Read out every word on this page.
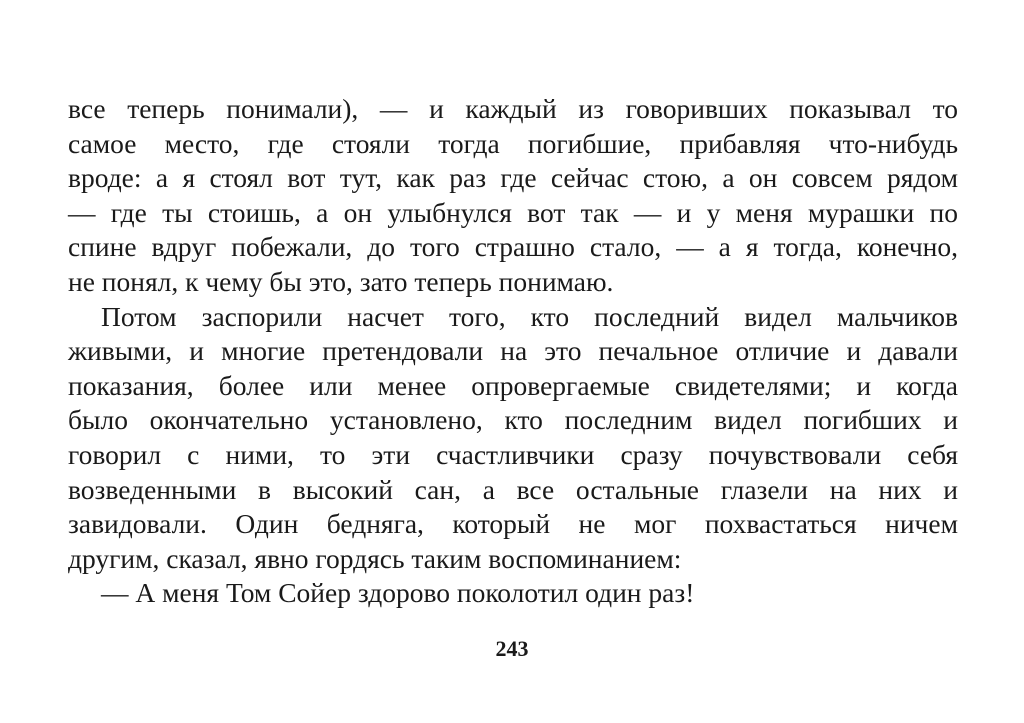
все теперь понимали), — и каждый из говоривших показывал то
самое место, где стояли тогда погибшие, прибавляя что-нибудь
вроде: а я стоял вот тут, как раз где сейчас стою, а он совсем рядом
— где ты стоишь, а он улыбнулся вот так — и у меня мурашки по
спине вдруг побежали, до того страшно стало, — а я тогда, конечно,
не понял, к чему бы это, зато теперь понимаю.
Потом заспорили насчет того, кто последний видел мальчиков
живыми, и многие претендовали на это печальное отличие и давали
показания, более или менее опровергаемые свидетелями; и когда
было окончательно установлено, кто последним видел погибших и
говорил с ними, то эти счастливчики сразу почувствовали себя
возведенными в высокий сан, а все остальные глазели на них и
завидовали. Один бедняга, который не мог похвастаться ничем
другим, сказал, явно гордясь таким воспоминанием:
— А меня Том Сойер здорово поколотил один раз!
243
